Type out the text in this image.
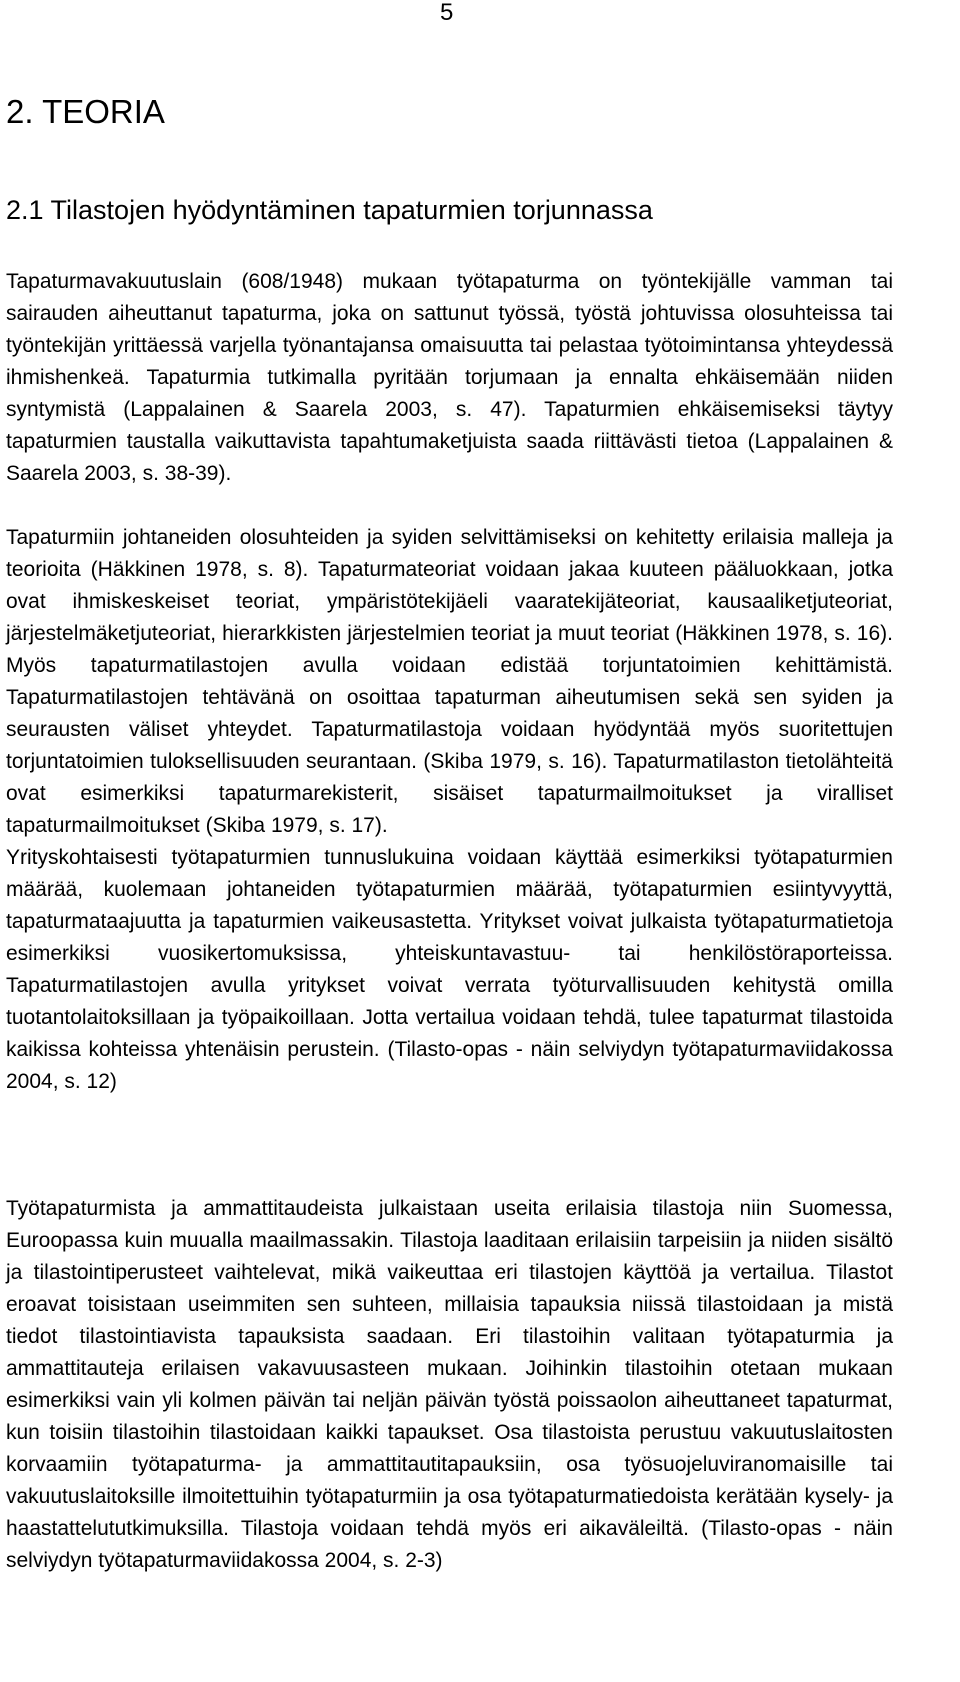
5
2. TEORIA
2.1 Tilastojen hyödyntäminen tapaturmien torjunnassa

Tapaturmavakuutuslain (608/1948) mukaan työtapaturma on työntekijälle vamman tai sairauden aiheuttanut tapaturma, joka on sattunut työssä, työstä johtuvissa olosuhteissa tai työntekijän yrittäessä varjella työnantajansa omaisuutta tai pelastaa työtoimintansa yhteydessä ihmishenkeä. Tapaturmia tutkimalla pyritään torjumaan ja ennalta ehkäisemään niiden syntymistä (Lappalainen & Saarela 2003, s. 47). Tapaturmien ehkäisemiseksi täytyy tapaturmien taustalla vaikuttavista tapahtumaketjuista saada riittävästi tietoa (Lappalainen & Saarela 2003, s. 38-39).

Tapaturmiin johtaneiden olosuhteiden ja syiden selvittämiseksi on kehitetty erilaisia malleja ja teorioita (Häkkinen 1978, s. 8). Tapaturmateoriat voidaan jakaa kuuteen pääluokkaan, jotka ovat ihmiskeskeiset teoriat, ympäristötekijäeli vaaratekijäteoriat, kausaaliketjuteoriat, järjestelmäketjuteoriat, hierarkkisten järjestelmien teoriat ja muut teoriat (Häkkinen 1978, s. 16). Myös tapaturmatilastojen avulla voidaan edistää torjuntatoimien kehittämistä. Tapaturmatilastojen tehtävänä on osoittaa tapaturman aiheutumisen sekä sen syiden ja seurausten väliset yhteydet. Tapaturmatilastoja voidaan hyödyntää myös suoritettujen torjuntatoimien tuloksellisuuden seurantaan. (Skiba 1979, s. 16). Tapaturmatilaston tietolähteitä ovat esimerkiksi tapaturmarekisterit, sisäiset tapaturmailmoitukset ja viralliset tapaturmailmoitukset (Skiba 1979, s. 17).

Yrityskohtaisesti työtapaturmien tunnuslukuina voidaan käyttää esimerkiksi työtapaturmien määrää, kuolemaan johtaneiden työtapaturmien määrää, työtapaturmien esiintyvyyttä, tapaturmataajuutta ja tapaturmien vaikeusastetta. Yritykset voivat julkaista työtapaturmatietoja esimerkiksi vuosikertomuksissa, yhteiskuntavastuu- tai henkilöstöraporteissa. Tapaturmatilastojen avulla yritykset voivat verrata työturvallisuuden kehitystä omilla tuotantolaitoksillaan ja työpaikoillaan. Jotta vertailua voidaan tehdä, tulee tapaturmat tilastoida kaikissa kohteissa yhtenäisin perustein. (Tilasto-opas - näin selviydyn työtapaturmaviidakossa 2004, s. 12)

Työtapaturmista ja ammattitaudeista julkaistaan useita erilaisia tilastoja niin Suomessa, Euroopassa kuin muualla maailmassakin. Tilastoja laaditaan erilaisiin tarpeisiin ja niiden sisältö ja tilastointiperusteet vaihtelevat, mikä vaikeuttaa eri tilastojen käyttöä ja vertailua. Tilastot eroavat toisistaan useimmiten sen suhteen, millaisia tapauksia niissä tilastoidaan ja mistä tiedot tilastointiavista tapauksista saadaan. Eri tilastoihin valitaan työtapaturmia ja ammattitauteja erilaisen vakavuusasteen mukaan. Joihinkin tilastoihin otetaan mukaan esimerkiksi vain yli kolmen päivän tai neljän päivän työstä poissaolon aiheuttaneet tapaturmat, kun toisiin tilastoihin tilastoidaan kaikki tapaukset. Osa tilastoista perustuu vakuutuslaitosten korvaamiin työtapaturma- ja ammattitautitapauksiin, osa työsuojeluviranomaisille tai vakuutuslaitoksille ilmoitettuihin työtapaturmiin ja osa työtapaturmatiedoista kerätään kysely- ja haastattelututkimuksilla. Tilastoja voidaan tehdä myös eri aikaväleiltä. (Tilasto-opas - näin selviydyn työtapaturmaviidakossa 2004, s. 2-3)
